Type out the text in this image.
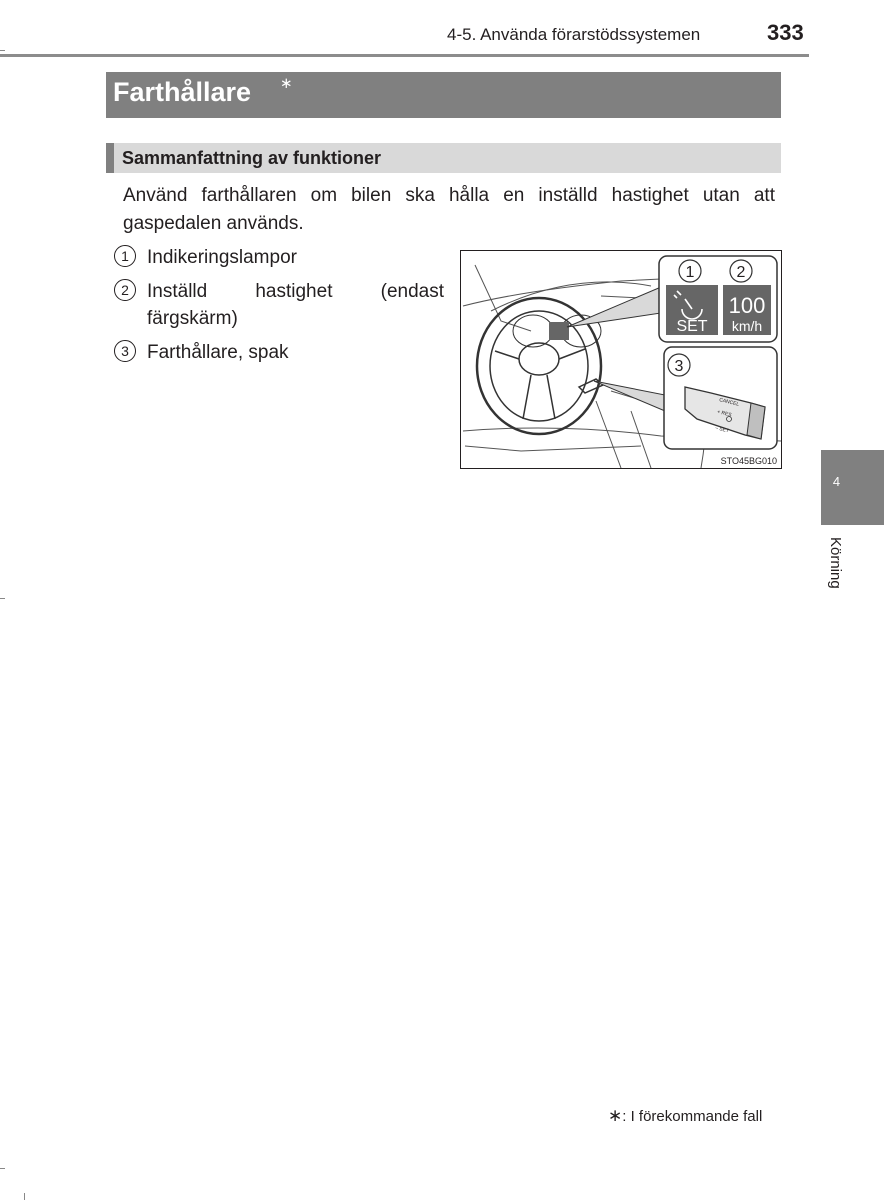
4-5. Använda förarstödssystemen	333
Farthållare ∗
Sammanfattning av funktioner
Använd farthållaren om bilen ska hålla en inställd hastighet utan att gaspedalen används.
1 Indikeringslampor
2 Inställd hastighet (endast färgskärm)
3 Farthållare, spak
1	2
SET
100
km/h
3
CANCEL
+ RES
– SET
STO45BG010
4
Körning
∗: I förekommande fall
